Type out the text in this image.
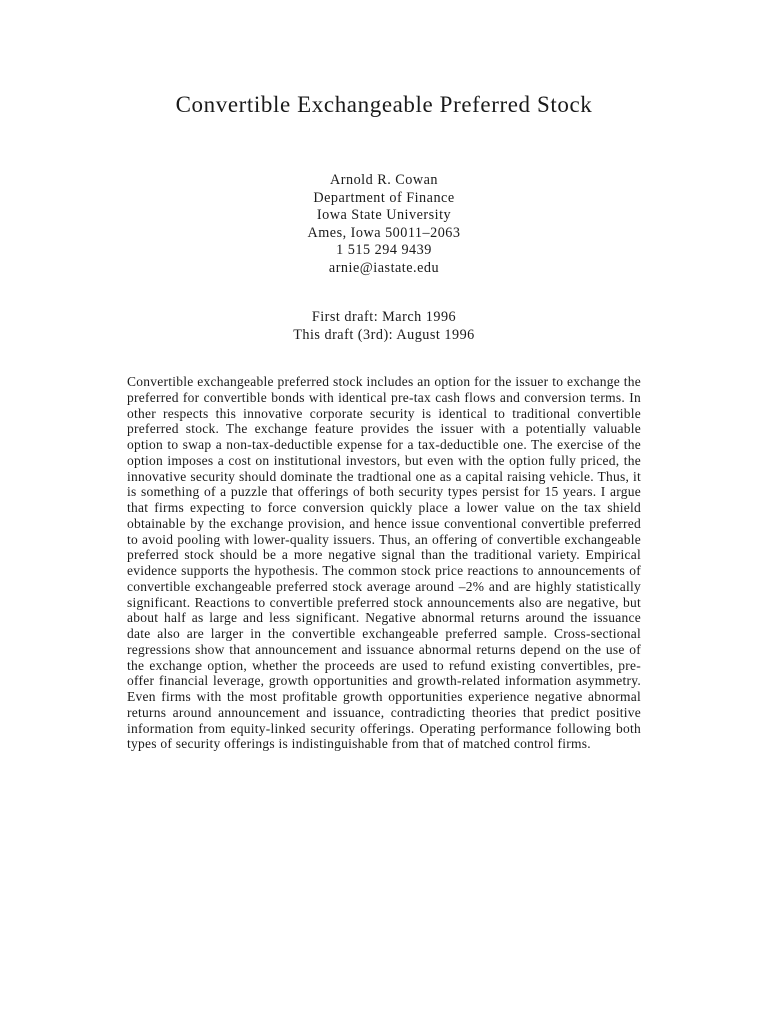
Convertible Exchangeable Preferred Stock
Arnold R. Cowan
Department of Finance
Iowa State University
Ames, Iowa 50011–2063
1 515 294 9439
arnie@iastate.edu
First draft: March 1996
This draft (3rd): August 1996

Convertible exchangeable preferred stock includes an option for the issuer to exchange the preferred for convertible bonds with identical pre-tax cash flows and conversion terms. In other respects this innovative corporate security is identical to traditional convertible preferred stock. The exchange feature provides the issuer with a potentially valuable option to swap a non-tax-deductible expense for a tax-deductible one. The exercise of the option imposes a cost on institutional investors, but even with the option fully priced, the innovative security should dominate the tradtional one as a capital raising vehicle. Thus, it is something of a puzzle that offerings of both security types persist for 15 years. I argue that firms expecting to force conversion quickly place a lower value on the tax shield obtainable by the exchange provision, and hence issue conventional convertible preferred to avoid pooling with lower-quality issuers. Thus, an offering of convertible exchangeable preferred stock should be a more negative signal than the traditional variety. Empirical evidence supports the hypothesis. The common stock price reactions to announcements of convertible exchangeable preferred stock average around –2% and are highly statistically significant. Reactions to convertible preferred stock announcements also are negative, but about half as large and less significant. Negative abnormal returns around the issuance date also are larger in the convertible exchangeable preferred sample. Cross-sectional regressions show that announcement and issuance abnormal returns depend on the use of the exchange option, whether the proceeds are used to refund existing convertibles, pre-offer financial leverage, growth opportunities and growth-related information asymmetry. Even firms with the most profitable growth opportunities experience negative abnormal returns around announcement and issuance, contradicting theories that predict positive information from equity-linked security offerings. Operating performance following both types of security offerings is indistinguishable from that of matched control firms.
